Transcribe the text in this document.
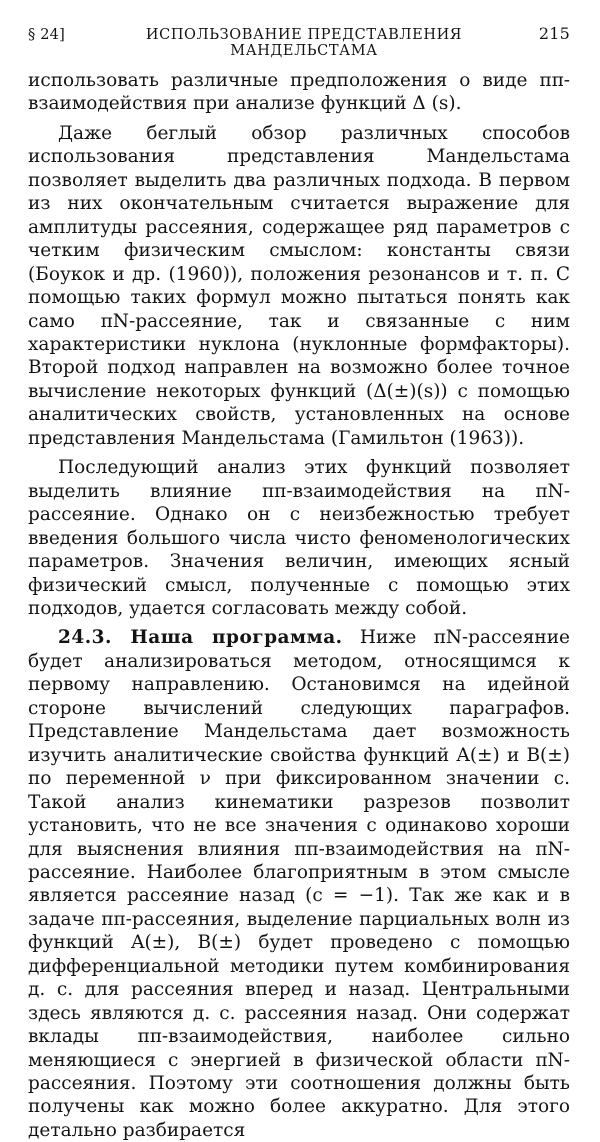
§ 24]	ИСПОЛЬЗОВАНИЕ ПРЕДСТАВЛЕНИЯ МАНДЕЛЬСТАМА
215

использовать различные предположения о виде ππ-взаимодействия при анализе функций Δ (s).

Даже беглый обзор различных способов использования представления Мандельстама позволяет выделить два различных подхода. В первом из них окончательным считается выражение для амплитуды рассеяния, содержащее ряд параметров с четким физическим смыслом: константы связи (Боукок и др. (1960)), положения резонансов и т. п. С помощью таких формул можно пытаться понять как само πN-рассеяние, так и связанные с ним характеристики нуклона (нуклонные формфакторы). Второй подход направлен на возможно более точное вычисление некоторых функций (Δ(±)(s)) с помощью аналитических свойств, установленных на основе представления Мандельстама (Гамильтон (1963)).

Последующий анализ этих функций позволяет выделить влияние ππ-взаимодействия на πN-рассеяние. Однако он с неизбежностью требует введения большого числа чисто феноменологических параметров. Значения величин, имеющих ясный физический смысл, полученные с помощью этих подходов, удается согласовать между собой.

24.3. Наша программа. Ниже πN-рассеяние будет анализироваться методом, относящимся к первому направлению. Остановимся на идейной стороне вычислений следующих параграфов. Представление Мандельстама дает возможность изучить аналитические свойства функций A(±) и B(±) по переменной ν при фиксированном значении c. Такой анализ кинематики разрезов позволит установить, что не все значения c одинаково хороши для выяснения влияния ππ-взаимодействия на πN-рассеяние. Наиболее благоприятным в этом смысле является рассеяние назад (c = −1). Так же как и в задаче ππ-рассеяния, выделение парциальных волн из функций A(±), B(±) будет проведено с помощью дифференциальной методики путем комбинирования д. с. для рассеяния вперед и назад. Центральными здесь являются д. с. рассеяния назад. Они содержат вклады ππ-взаимодействия, наиболее сильно меняющиеся с энергией в физической области πN-рассеяния. Поэтому эти соотношения должны быть получены как можно более аккуратно. Для этого детально разбирается
